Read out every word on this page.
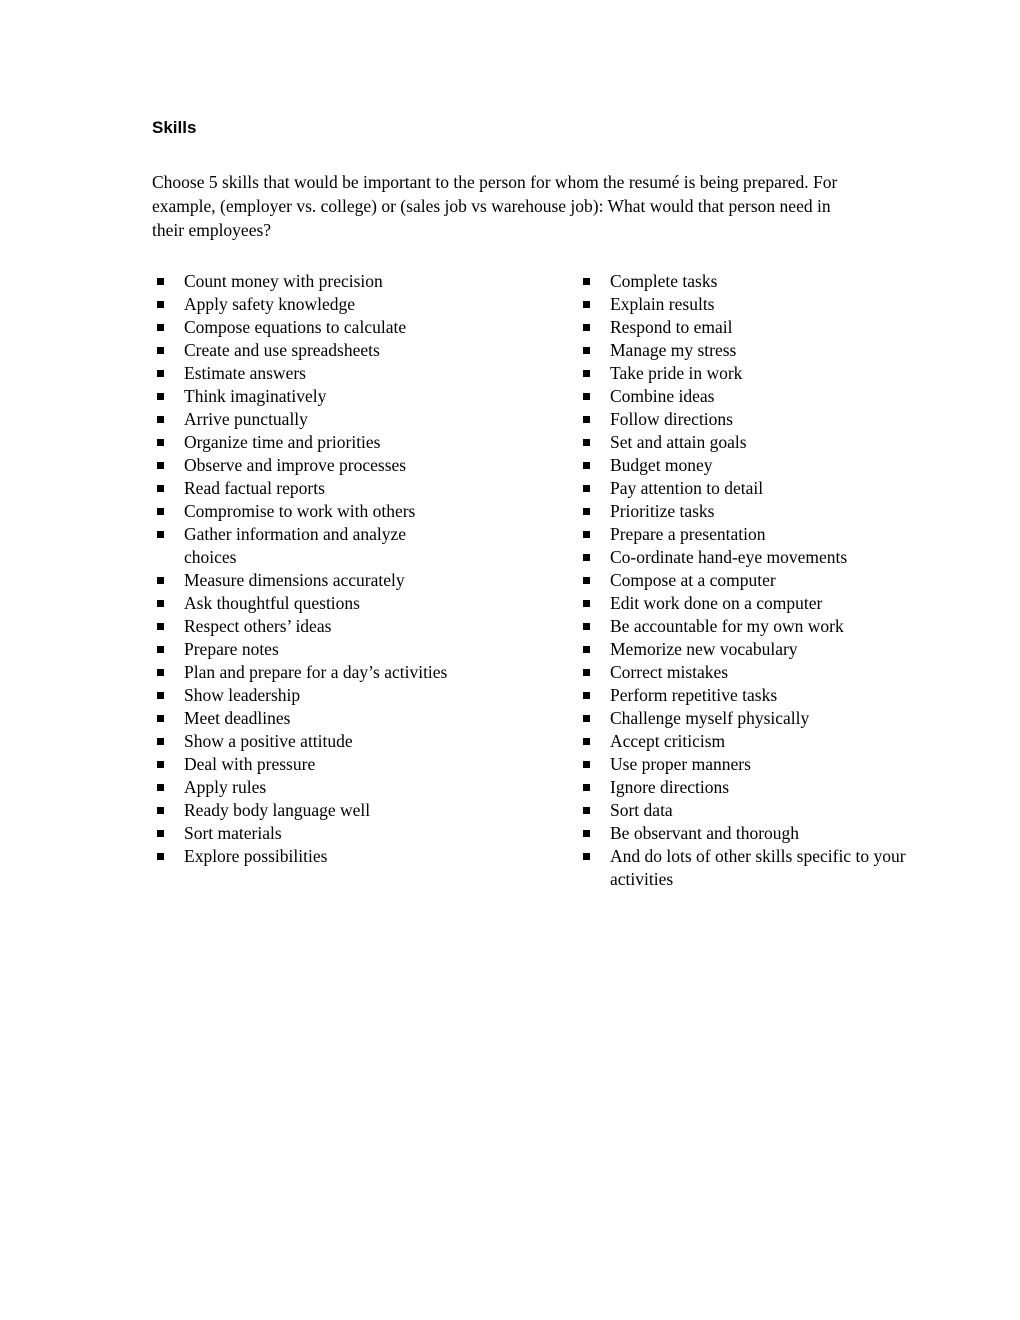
Skills

Choose 5 skills that would be important to the person for whom the resumé is being prepared. For example, (employer vs. college) or (sales job vs warehouse job): What would that person need in their employees?

Count money with precision
Apply safety knowledge
Compose equations to calculate
Create and use spreadsheets
Estimate answers
Think imaginatively
Arrive punctually
Organize time and priorities
Observe and improve processes
Read factual reports
Compromise to work with others
Gather information and analyze choices
Measure dimensions accurately
Ask thoughtful questions
Respect others’ ideas
Prepare notes
Plan and prepare for a day’s activities
Show leadership
Meet deadlines
Show a positive attitude
Deal with pressure
Apply rules
Ready body language well
Sort materials
Explore possibilities
Complete tasks
Explain results
Respond to email
Manage my stress
Take pride in work
Combine ideas
Follow directions
Set and attain goals
Budget money
Pay attention to detail
Prioritize tasks
Prepare a presentation
Co-ordinate hand-eye movements
Compose at a computer
Edit work done on a computer
Be accountable for my own work
Memorize new vocabulary
Correct mistakes
Perform repetitive tasks
Challenge myself physically
Accept criticism
Use proper manners
Ignore directions
Sort data
Be observant and thorough
And do lots of other skills specific to your activities
